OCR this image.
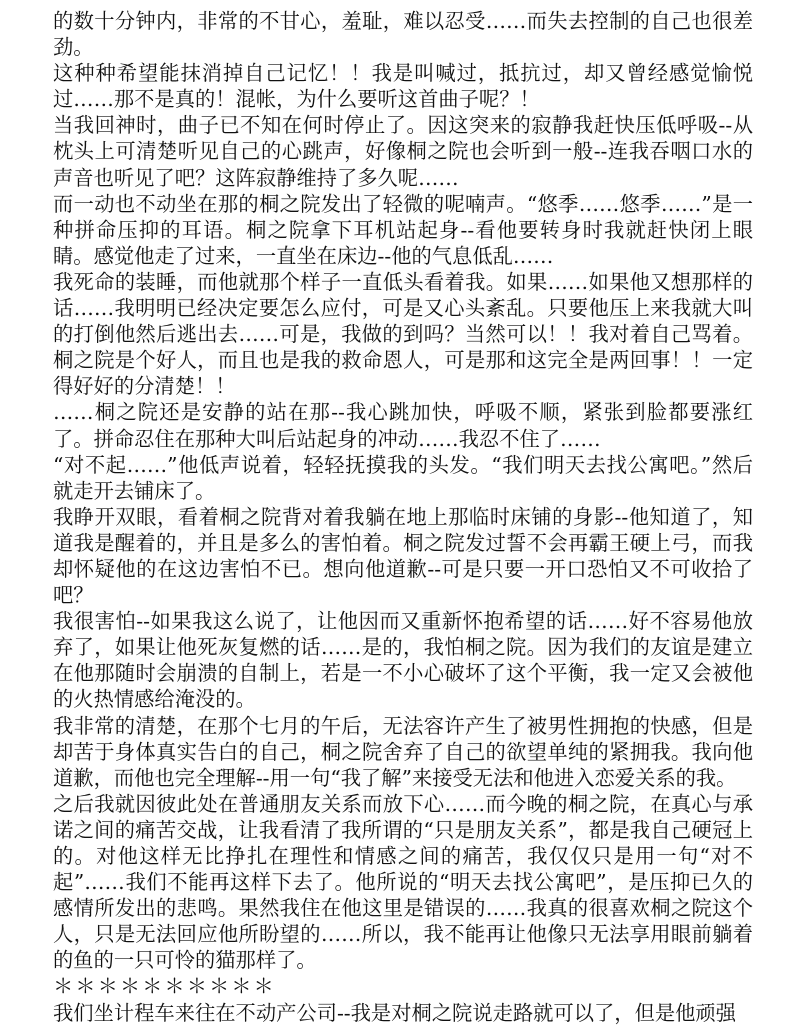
的数十分钟内，非常的不甘心，羞耻，难以忍受……而失去控制的自己也很差劲。

这种种希望能抹消掉自己记忆！！我是叫喊过，抵抗过，却又曾经感觉愉悦过……那不是真的！混帐，为什么要听这首曲子呢？！

当我回神时，曲子已不知在何时停止了。因这突来的寂静我赶快压低呼吸--从枕头上可清楚听见自己的心跳声，好像桐之院也会听到一般--连我吞咽口水的声音也听见了吧？这阵寂静维持了多久呢……

而一动也不动坐在那的桐之院发出了轻微的呢喃声。“悠季……悠季……”是一种拼命压抑的耳语。桐之院拿下耳机站起身--看他要转身时我就赶快闭上眼睛。感觉他走了过来，一直坐在床边--他的气息低乱……

我死命的装睡，而他就那个样子一直低头看着我。如果……如果他又想那样的话……我明明已经决定要怎么应付，可是又心头紊乱。只要他压上来我就大叫的打倒他然后逃出去……可是，我做的到吗？当然可以！！我对着自己骂着。桐之院是个好人，而且也是我的救命恩人，可是那和这完全是两回事！！一定得好好的分清楚！！

……桐之院还是安静的站在那--我心跳加快，呼吸不顺，紧张到脸都要涨红了。拼命忍住在那种大叫后站起身的冲动……我忍不住了……

“对不起……”他低声说着，轻轻抚摸我的头发。“我们明天去找公寓吧。”然后就走开去铺床了。

我睁开双眼，看着桐之院背对着我躺在地上那临时床铺的身影--他知道了，知道我是醒着的，并且是多么的害怕着。桐之院发过誓不会再霸王硬上弓，而我却怀疑他的在这边害怕不已。想向他道歉--可是只要一开口恐怕又不可收拾了吧？

我很害怕--如果我这么说了，让他因而又重新怀抱希望的话……好不容易他放弃了，如果让他死灰复燃的话……是的，我怕桐之院。因为我们的友谊是建立在他那随时会崩溃的自制上，若是一不小心破坏了这个平衡，我一定又会被他的火热情感给淹没的。

我非常的清楚，在那个七月的午后，无法容许产生了被男性拥抱的快感，但是却苦于身体真实告白的自己，桐之院舍弃了自己的欲望单纯的紧拥我。我向他道歉，而他也完全理解--用一句“我了解”来接受无法和他进入恋爱关系的我。

之后我就因彼此处在普通朋友关系而放下心……而今晚的桐之院，在真心与承诺之间的痛苦交战，让我看清了我所谓的“只是朋友关系”，都是我自己硬冠上的。对他这样无比挣扎在理性和情感之间的痛苦，我仅仅只是用一句“对不起”……我们不能再这样下去了。他所说的“明天去找公寓吧”，是压抑已久的感情所发出的悲鸣。果然我住在他这里是错误的……我真的很喜欢桐之院这个人，只是无法回应他所盼望的……所以，我不能再让他像只无法享用眼前躺着的鱼的一只可怜的猫那样了。

＊＊＊＊＊＊＊＊＊＊

我们坐计程车来往在不动产公司--我是对桐之院说走路就可以了，但是他顽强
